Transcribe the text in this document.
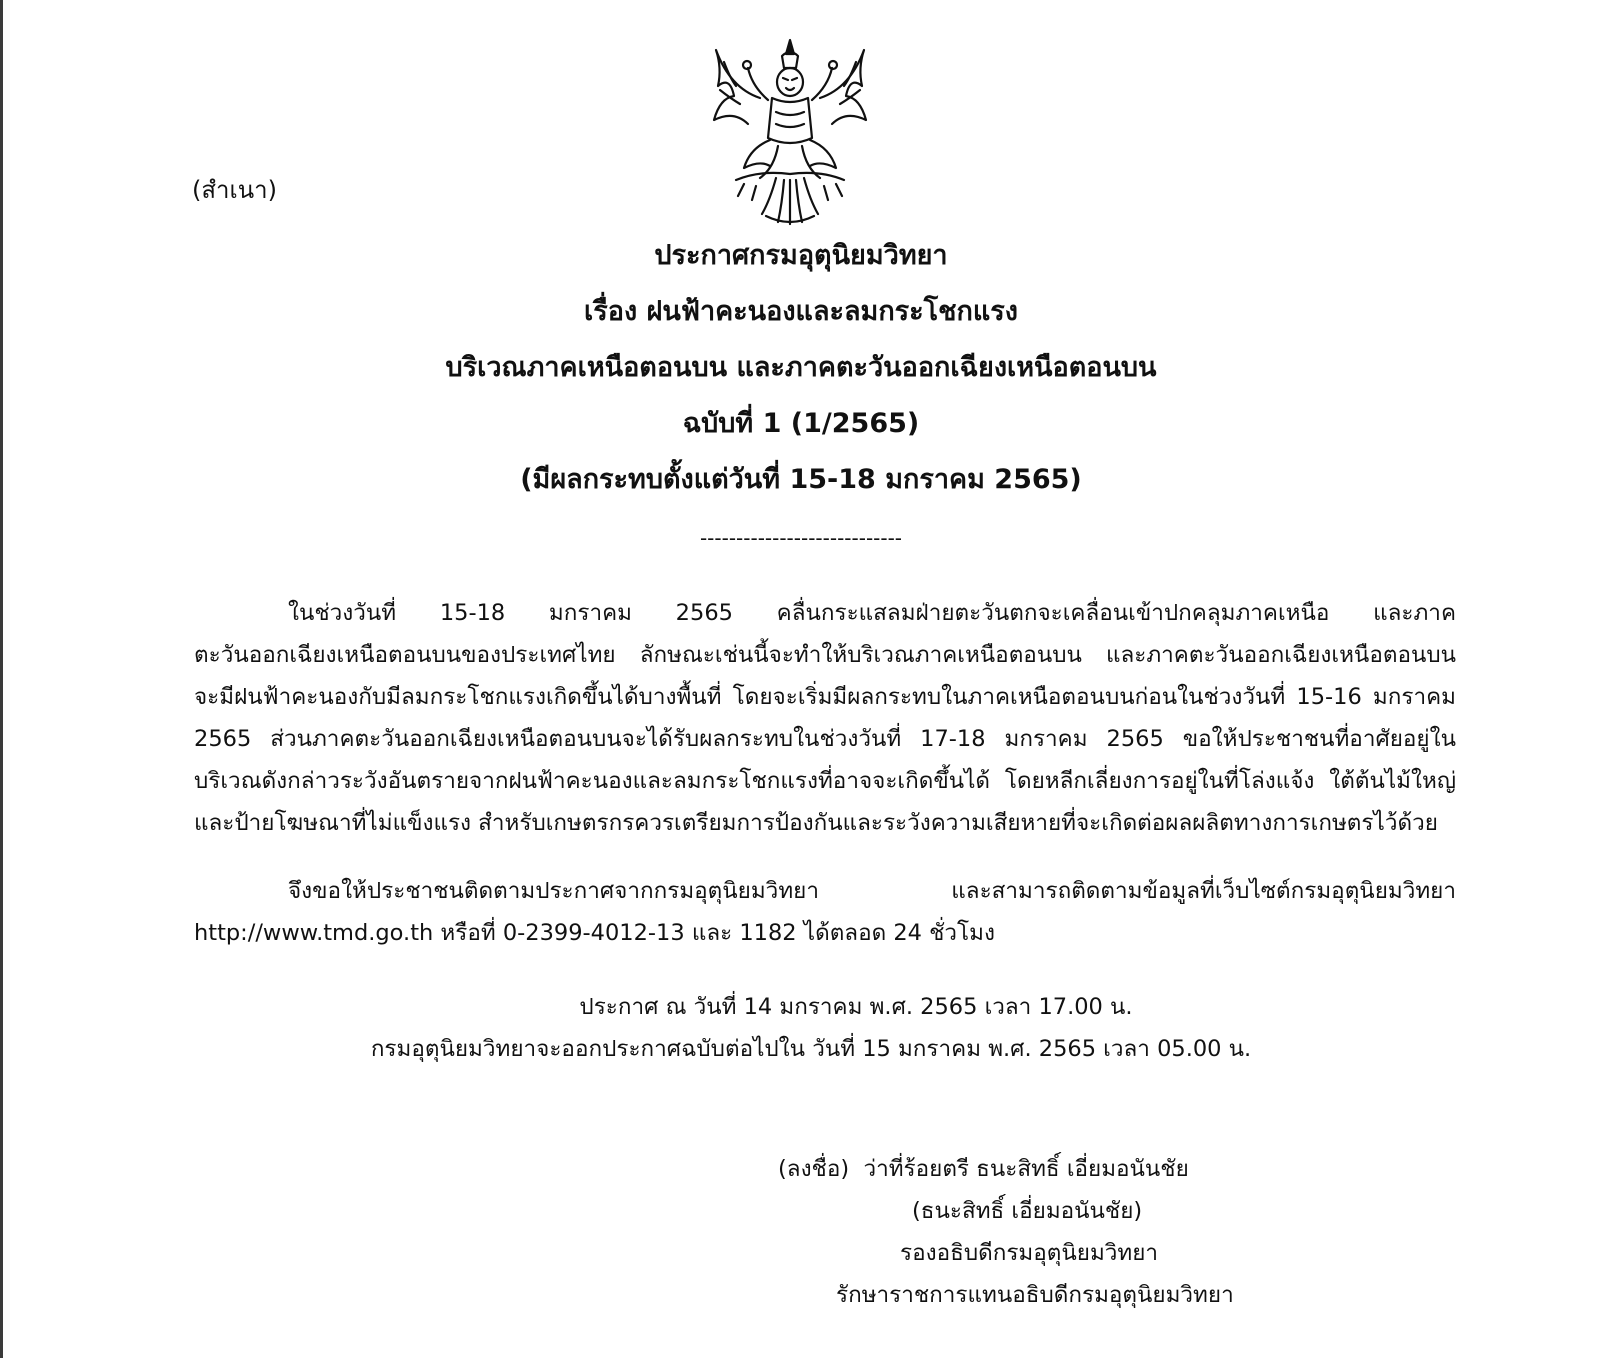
(สำเนา)
ประกาศกรมอุตุนิยมวิทยา
เรื่อง ฝนฟ้าคะนองและลมกระโชกแรง
บริเวณภาคเหนือตอนบน และภาคตะวันออกเฉียงเหนือตอนบน
ฉบับที่ 1 (1/2565)
(มีผลกระทบตั้งแต่วันที่ 15-18 มกราคม 2565)
----------------------------
ในช่วงวันที่ 15-18 มกราคม 2565 คลื่นกระแสลมฝ่ายตะวันตกจะเคลื่อนเข้าปกคลุมภาคเหนือ และภาค
ตะวันออกเฉียงเหนือตอนบนของประเทศไทย ลักษณะเช่นนี้จะทำให้บริเวณภาคเหนือตอนบน และภาคตะวันออกเฉียงเหนือตอนบน
จะมีฝนฟ้าคะนองกับมีลมกระโชกแรงเกิดขึ้นได้บางพื้นที่ โดยจะเริ่มมีผลกระทบในภาคเหนือตอนบนก่อนในช่วงวันที่ 15-16 มกราคม
2565 ส่วนภาคตะวันออกเฉียงเหนือตอนบนจะได้รับผลกระทบในช่วงวันที่ 17-18 มกราคม 2565 ขอให้ประชาชนที่อาศัยอยู่ใน
บริเวณดังกล่าวระวังอันตรายจากฝนฟ้าคะนองและลมกระโชกแรงที่อาจจะเกิดขึ้นได้ โดยหลีกเลี่ยงการอยู่ในที่โล่งแจ้ง ใต้ต้นไม้ใหญ่
และป้ายโฆษณาที่ไม่แข็งแรง สำหรับเกษตรกรควรเตรียมการป้องกันและระวังความเสียหายที่จะเกิดต่อผลผลิตทางการเกษตรไว้ด้วย
จึงขอให้ประชาชนติดตามประกาศจากกรมอุตุนิยมวิทยา และสามารถติดตามข้อมูลที่เว็บไซต์กรมอุตุนิยมวิทยา
http://www.tmd.go.th หรือที่ 0-2399-4012-13 และ 1182 ได้ตลอด 24 ชั่วโมง
ประกาศ ณ วันที่ 14 มกราคม พ.ศ. 2565 เวลา 17.00 น.
กรมอุตุนิยมวิทยาจะออกประกาศฉบับต่อไปใน วันที่ 15 มกราคม พ.ศ. 2565 เวลา 05.00 น.
(ลงชื่อ) ว่าที่ร้อยตรี ธนะสิทธิ์ เอี่ยมอนันชัย
(ธนะสิทธิ์ เอี่ยมอนันชัย)
รองอธิบดีกรมอุตุนิยมวิทยา
รักษาราชการแทนอธิบดีกรมอุตุนิยมวิทยา
